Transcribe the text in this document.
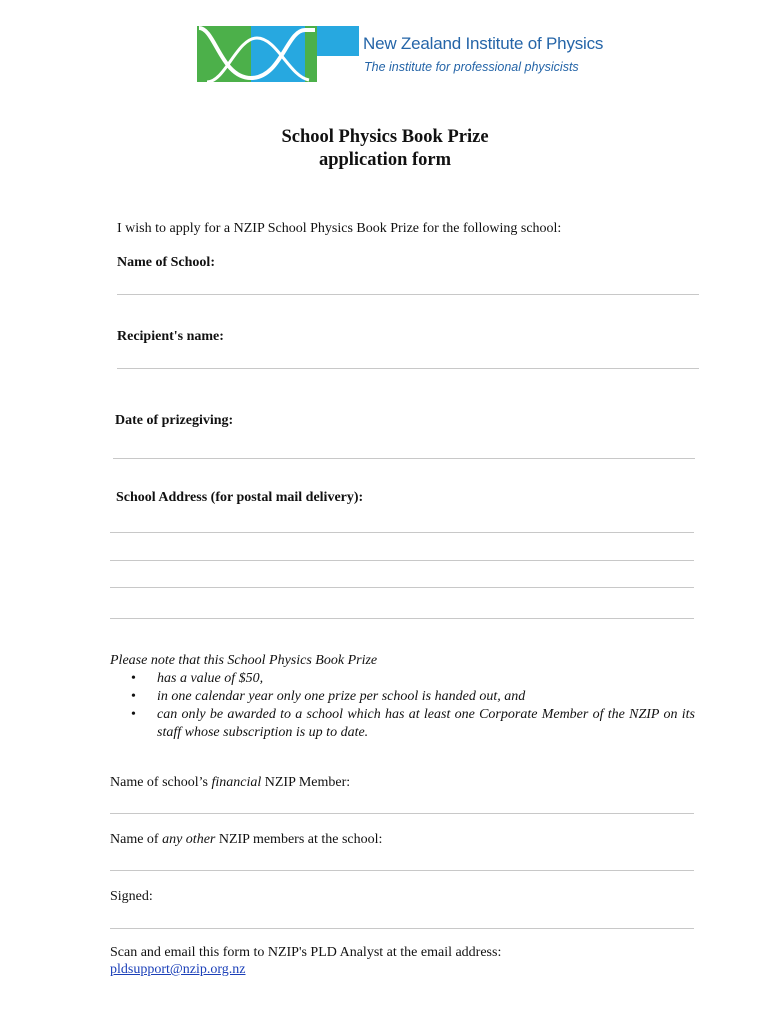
New Zealand Institute of Physics
The institute for professional physicists
School Physics Book Prize
application form
I wish to apply for a NZIP School Physics Book Prize for the following school:
Name of School:
Recipient's name:
Date of prizegiving:
School Address (for postal mail delivery):
Please note that this School Physics Book Prize
• has a value of $50,
• in one calendar year only one prize per school is handed out, and
• can only be awarded to a school which has at least one Corporate Member of the NZIP on its staff whose subscription is up to date.
Name of school’s financial NZIP Member:
Name of any other NZIP members at the school:
Signed:
Scan and email this form to NZIP's PLD Analyst at the email address:
pldsupport@nzip.org.nz
